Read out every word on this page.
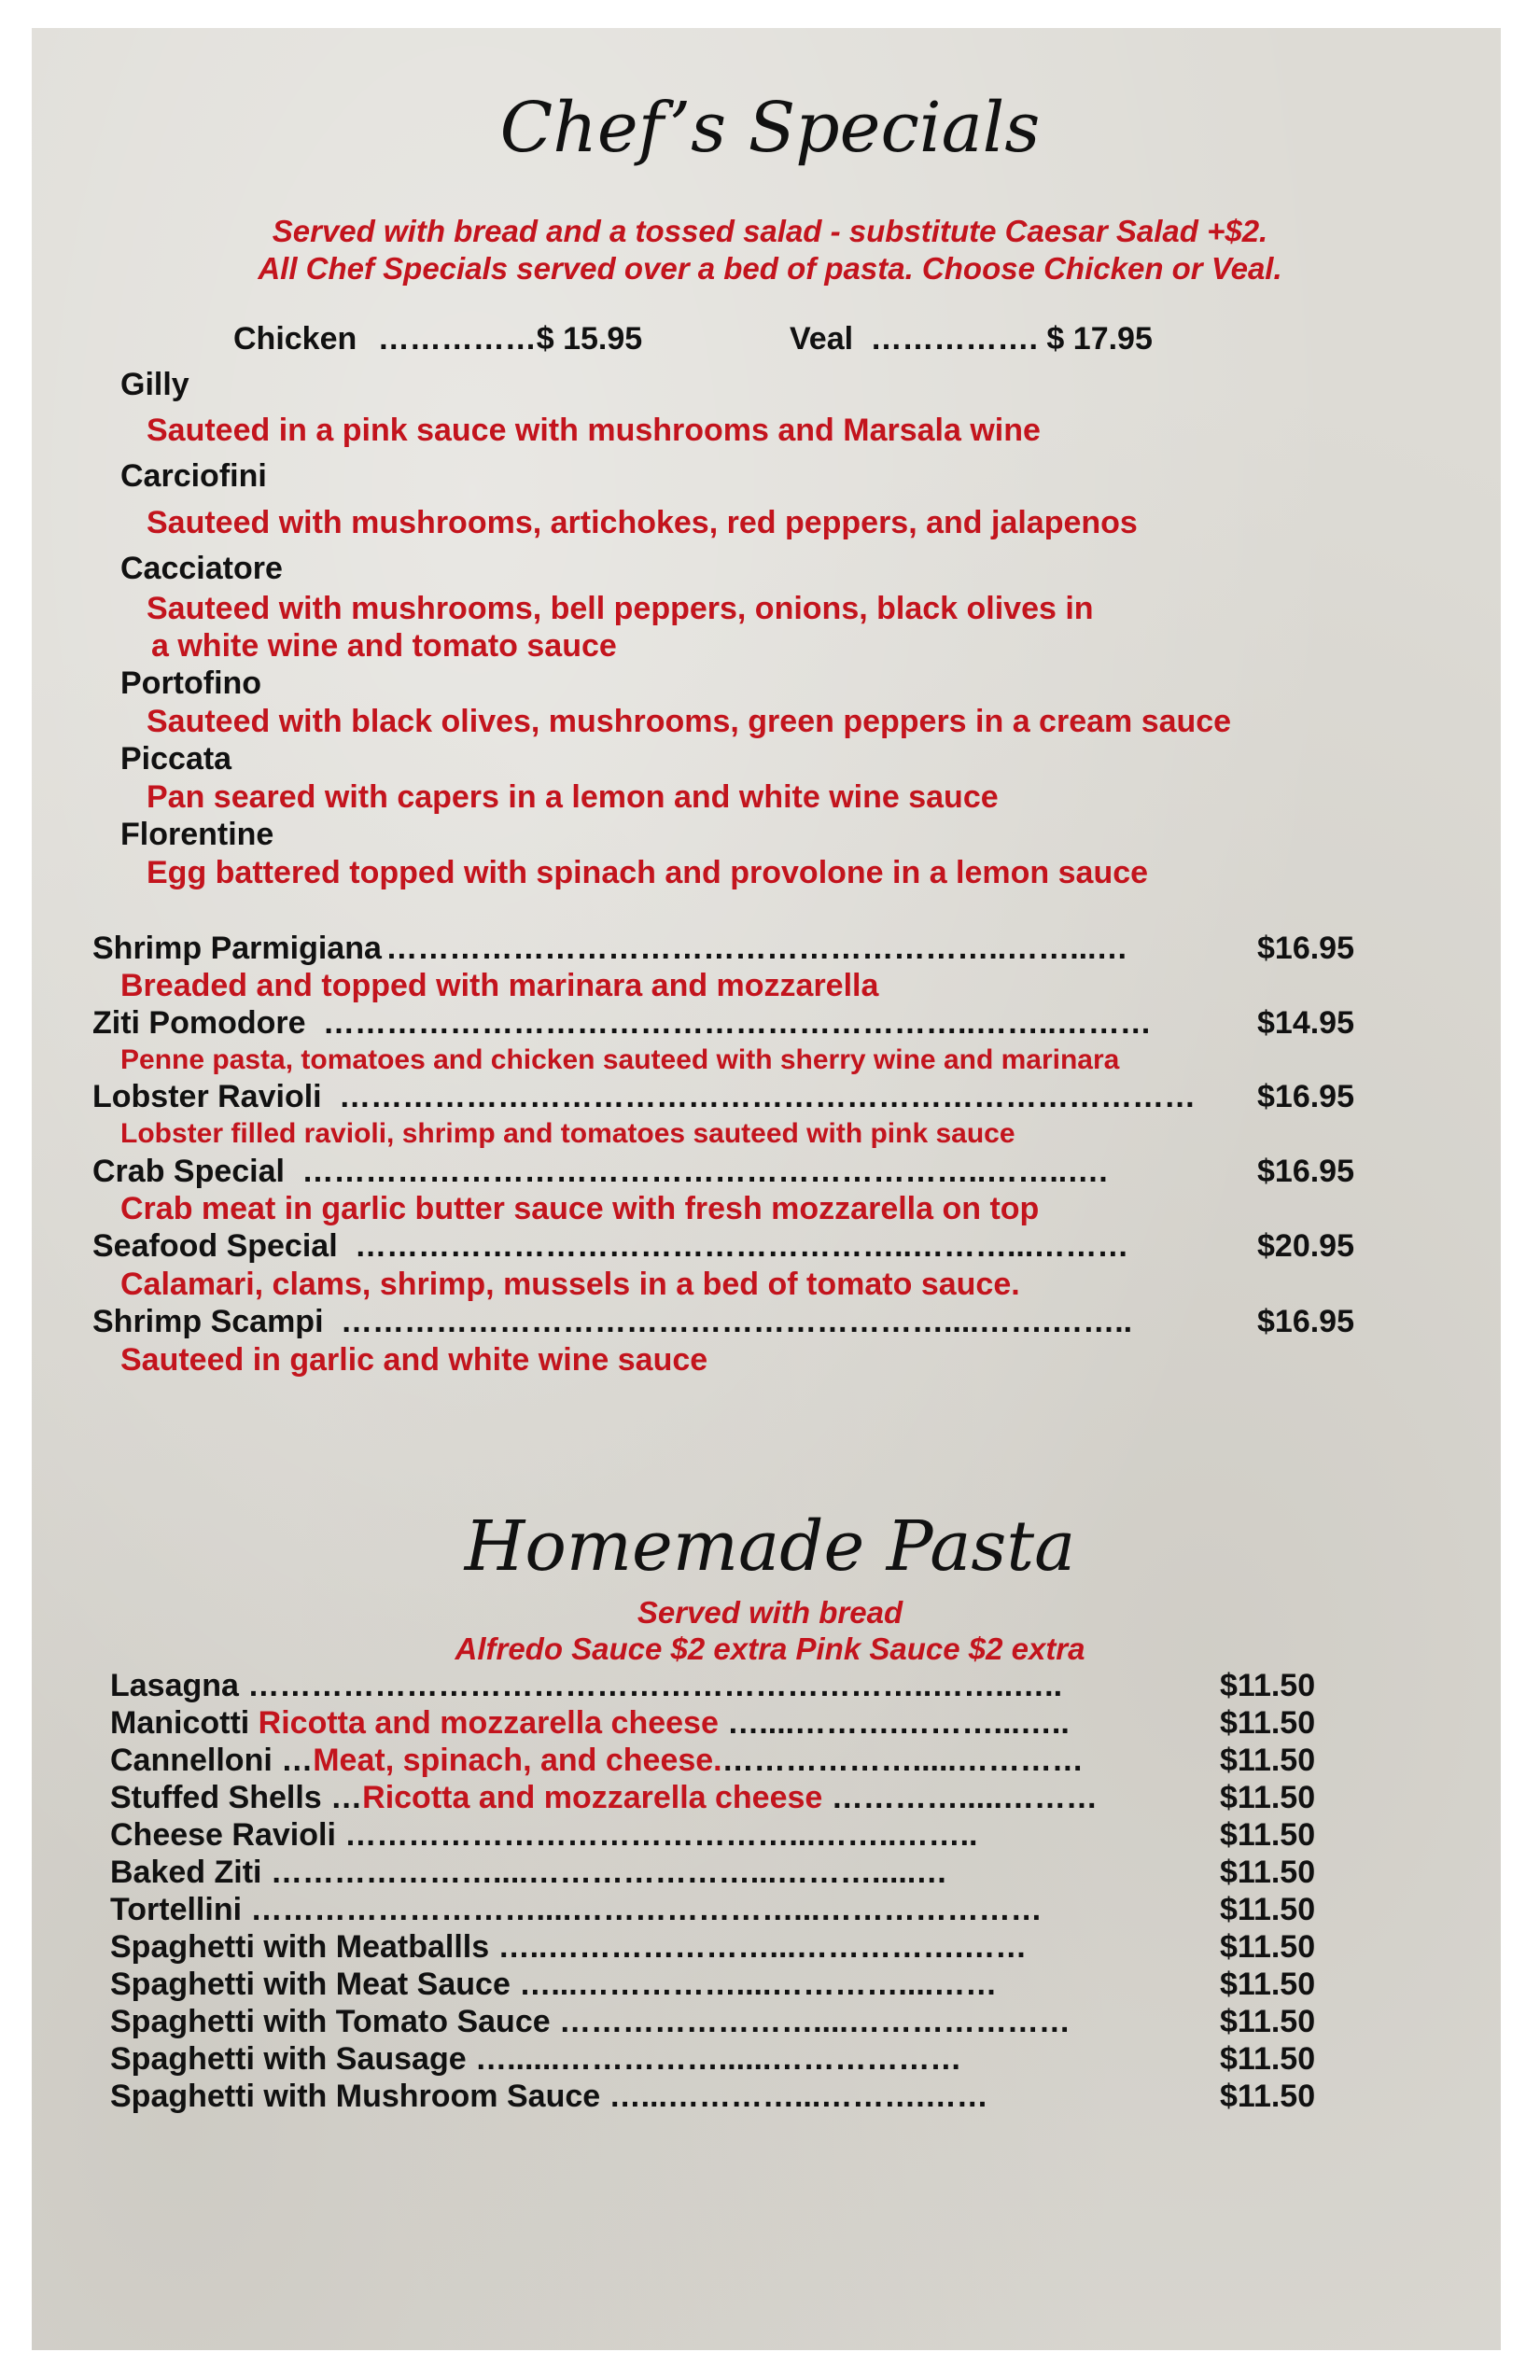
Chef’s Specials
Served with bread and a tossed salad - substitute Caesar Salad +$2.
All Chef Specials served over a bed of pasta. Choose Chicken or Veal.
Chicken ……………$ 15.95	Veal ……………. $ 17.95
Gilly
Sauteed in a pink sauce with mushrooms and Marsala wine
Carciofini
Sauteed with mushrooms, artichokes, red peppers, and jalapenos
Cacciatore
Sauteed with mushrooms, bell peppers, onions, black olives in
a white wine and tomato sauce
Portofino
Sauteed with black olives, mushrooms, green peppers in a cream sauce
Piccata
Pan seared with capers in a lemon and white wine sauce
Florentine
Egg battered topped with spinach and provolone in a lemon sauce
Shrimp Parmigiana …………………………………………………..……...…	$16.95
Breaded and topped with marinara and mozzarella
Ziti Pomodore ……………………………………………………..……..………	$14.95
Penne pasta, tomatoes and chicken sauteed with sherry wine and marinara
Lobster Ravioli ……………………………………………………………………… $16.95
Lobster filled ravioli, shrimp and tomatoes sauteed with pink sauce
Crab Special ………………………………………………………..……..….	$16.95
Crab meat in garlic butter sauce with fresh mozzarella on top
Seafood Special ……………………………………………..………...………	$20.95
Calamari, clams, shrimp, mussels in a bed of tomato sauce.
Shrimp Scampi …………………………………………………....…….……..	$16.95
Sauteed in garlic and white wine sauce
Homemade Pasta
Served with bread
Alfredo Sauce $2 extra Pink Sauce $2 extra
Lasagna ………………………………………………………..……..…..	$11.50
Manicotti Ricotta and mozzarella cheese …....……….………...…..	$11.50
Cannelloni …Meat, spinach, and cheese.……………….....…………	$11.50
Stuffed Shells …Ricotta and mozzarella cheese ………….....………	$11.50
Cheese Ravioli ……………………………………...……..……..	$11.50
Baked Ziti …………………....…………………...……….....…	$11.50
Tortellini ………………………....…………………...…………………	$11.50
Spaghetti with Meatballls …..…………………...…………….……	$11.50
Spaghetti with Meat Sauce …...……………....…………....……	$11.50
Spaghetti with Tomato Sauce ……………………....…………………	$11.50
Spaghetti with Sausage …......……………......………………	$11.50
Spaghetti with Mushroom Sauce …...…………...……….……	$11.50
